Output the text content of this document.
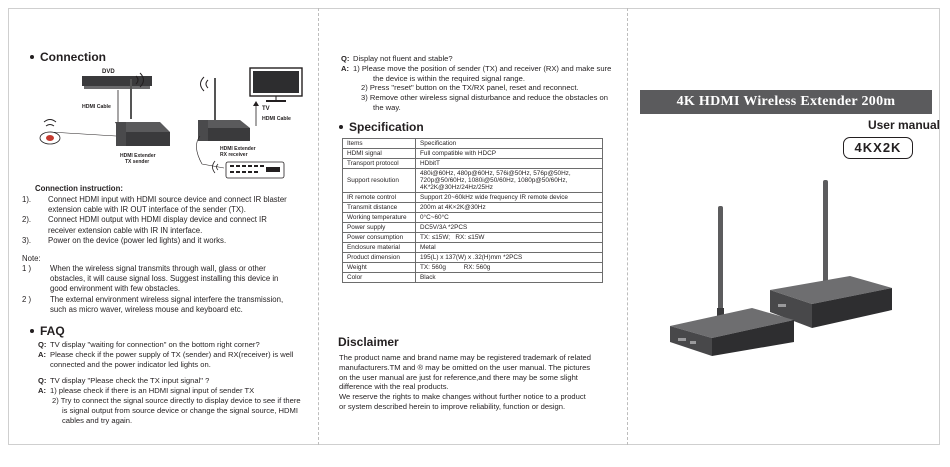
Connection
DVD
HDMI Cable
HDMI Extender
TX sender
TV
HDMI Cable
HDMI Extender
RX receiver
Connection instruction:
1).	Connect HDMI input with HDMI source device and connect IR blaster
extension cable with IR OUT interface of the sender (TX).
2).	Connect HDMI output with HDMI display device and connect IR
receiver extension cable with IR IN interface.
3).	Power on the device (power led lights) and it works.
Note:
1 )	When the wireless signal transmits through wall, glass or other
obstacles, it will cause signal loss. Suggest installing this device in
good environment with few obstacles.
2 )	The external environment wireless signal interfere the transmission,
such as micro waver, wireless mouse and keyboard etc.
FAQ
Q: TV display "waiting for connection" on the bottom right corner?
A: Please check if the power supply of TX (sender) and RX(receiver) is well
connected and the power indicator led lights on.
Q: TV display "Please check the TX input signal" ?
A: 1) please check if there is an HDMI signal input of sender TX
2) Try to connect the signal source directly to display device to see if there
is signal output from source device or change the signal source, HDMI
cables and try again.
Q: Display not fluent and stable?
A: 1) Please move the position of sender (TX) and receiver (RX) and make sure
the device is within the required signal range.
2) Press "reset" button on the TX/RX panel, reset and reconnect.
3) Remove other wireless signal disturbance and reduce the obstacles on
the way.
Specification
Items	Specification

HDMI signal	Full compatible with HDCP

Transport protocol	HDbitT

Support resolution	480i@60Hz, 480p@60Hz, 576i@50Hz, 576p@50Hz,
720p@50/60Hz, 1080i@50/60Hz, 1080p@50/60Hz,
4K*2K@30Hz/24Hz/25Hz

IR remote control	Support 20~60kHz wide frequency IR remote device

Transmit distance	200m at 4K×2K@30Hz

Working temperature	0°C~60°C

Power supply	DC5V/3A *2PCS

Power consumption	TX: ≤15W;   RX: ≤15W

Enclosure material	Metal

Product dimension	195(L) x 137(W) x .32(H)mm *2PCS

Weight	TX: 560g          RX: 560g

Color	Black
Disclaimer
The product name and brand name may be registered trademark of related
manufacturers.TM and ® may be omitted on the user manual. The pictures
on the user manual are just for reference,and there may be some slight
difference with the real products.
We reserve the rights to make changes without further notice to a product
or system described herein to improve reliability, function or design.
4K HDMI Wireless Extender 200m
User manual
4KX2K
